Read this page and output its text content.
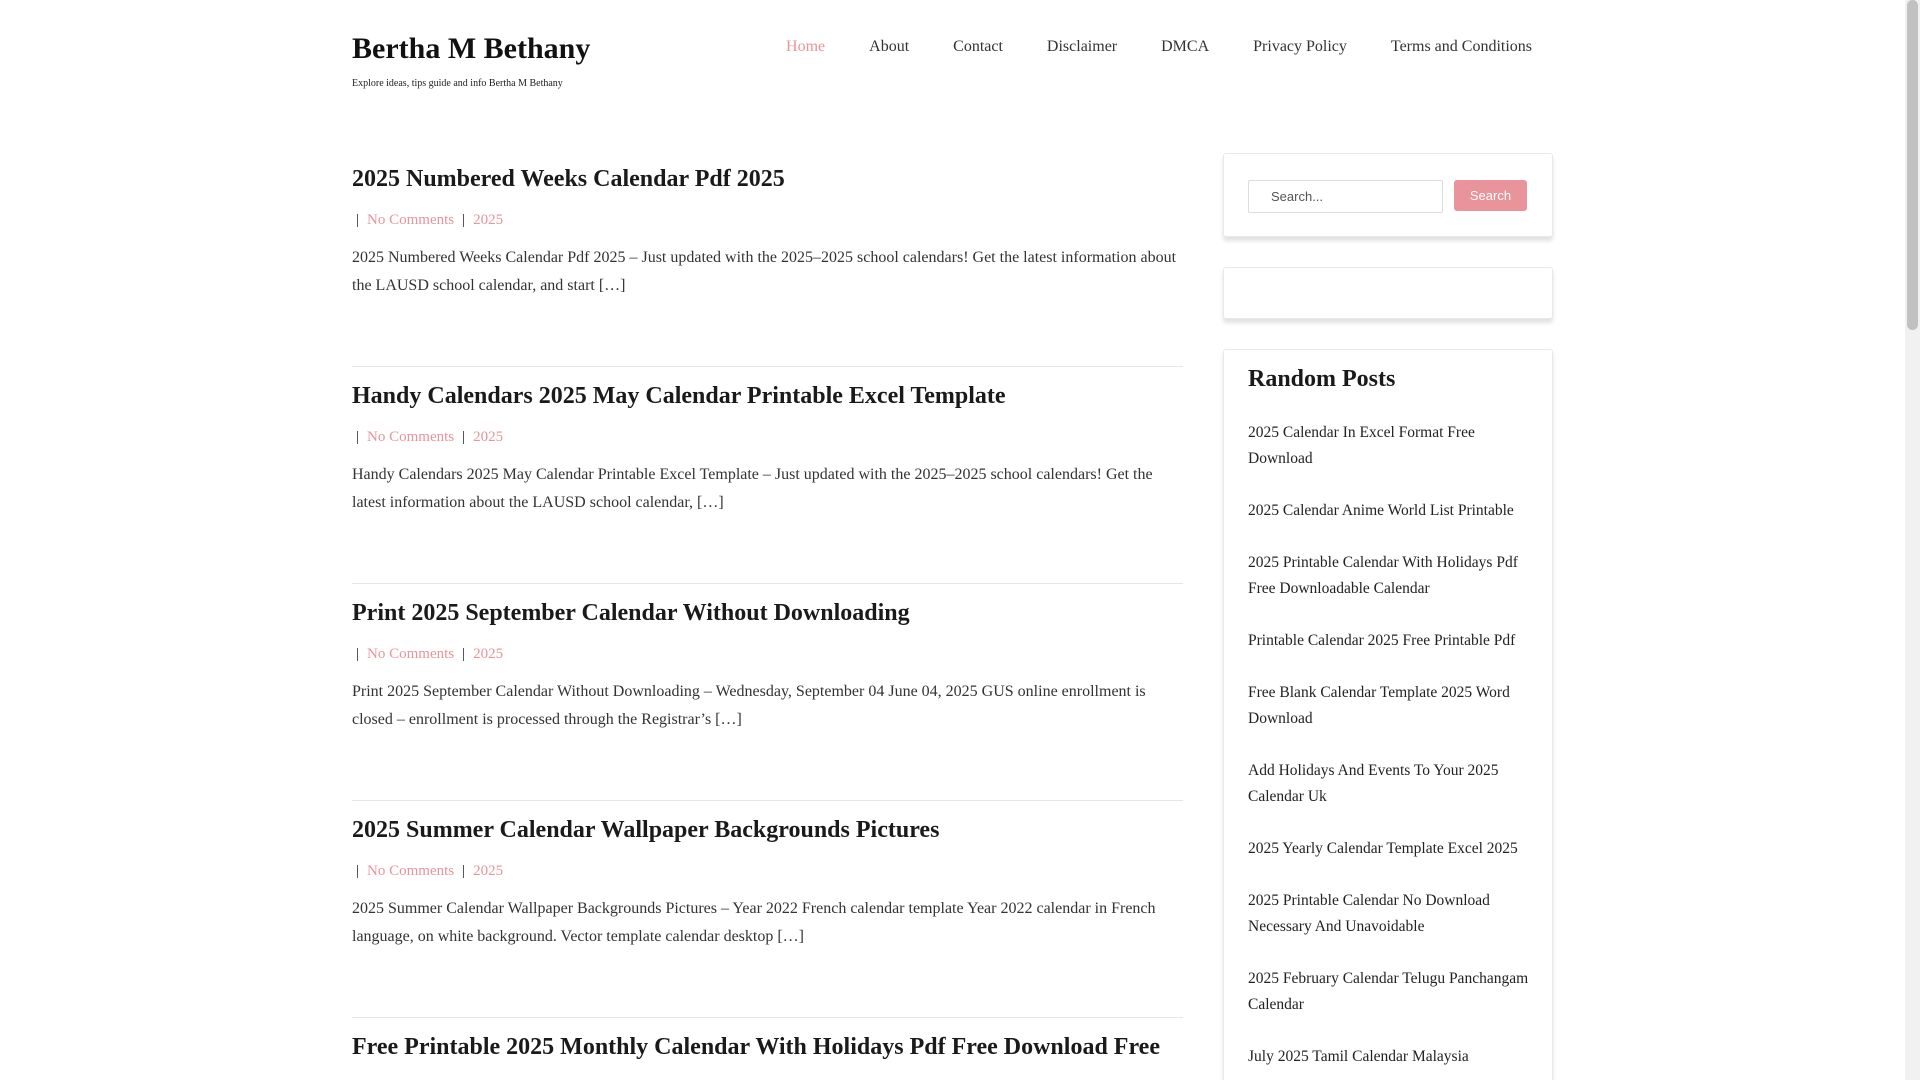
Bertha M Bethany
Explore ideas, tips guide and info Bertha M Bethany
Home	About	Contact	Disclaimer	DMCA	Privacy Policy	Terms and Conditions
2025 Numbered Weeks Calendar Pdf 2025
| No Comments | 2025
2025 Numbered Weeks Calendar Pdf 2025 – Just updated with the 2025–2025 school calendars! Get the latest information about the LAUSD school calendar, and start […]
Handy Calendars 2025 May Calendar Printable Excel Template
| No Comments | 2025
Handy Calendars 2025 May Calendar Printable Excel Template – Just updated with the 2025–2025 school calendars! Get the latest information about the LAUSD school calendar, […]
Print 2025 September Calendar Without Downloading
| No Comments | 2025
Print 2025 September Calendar Without Downloading – Wednesday, September 04 June 04, 2025 GUS online enrollment is closed – enrollment is processed through the Registrar’s […]
2025 Summer Calendar Wallpaper Backgrounds Pictures
| No Comments | 2025
2025 Summer Calendar Wallpaper Backgrounds Pictures – Year 2022 French calendar template Year 2022 calendar in French language, on white background. Vector template calendar desktop […]
Free Printable 2025 Monthly Calendar With Holidays Pdf Free Download Free
Search...
Search
Random Posts
2025 Calendar In Excel Format Free Download
2025 Calendar Anime World List Printable
2025 Printable Calendar With Holidays Pdf Free Downloadable Calendar
Printable Calendar 2025 Free Printable Pdf
Free Blank Calendar Template 2025 Word Download
Add Holidays And Events To Your 2025 Calendar Uk
2025 Yearly Calendar Template Excel 2025
2025 Printable Calendar No Download Necessary And Unavoidable
2025 February Calendar Telugu Panchangam Calendar
July 2025 Tamil Calendar Malaysia
